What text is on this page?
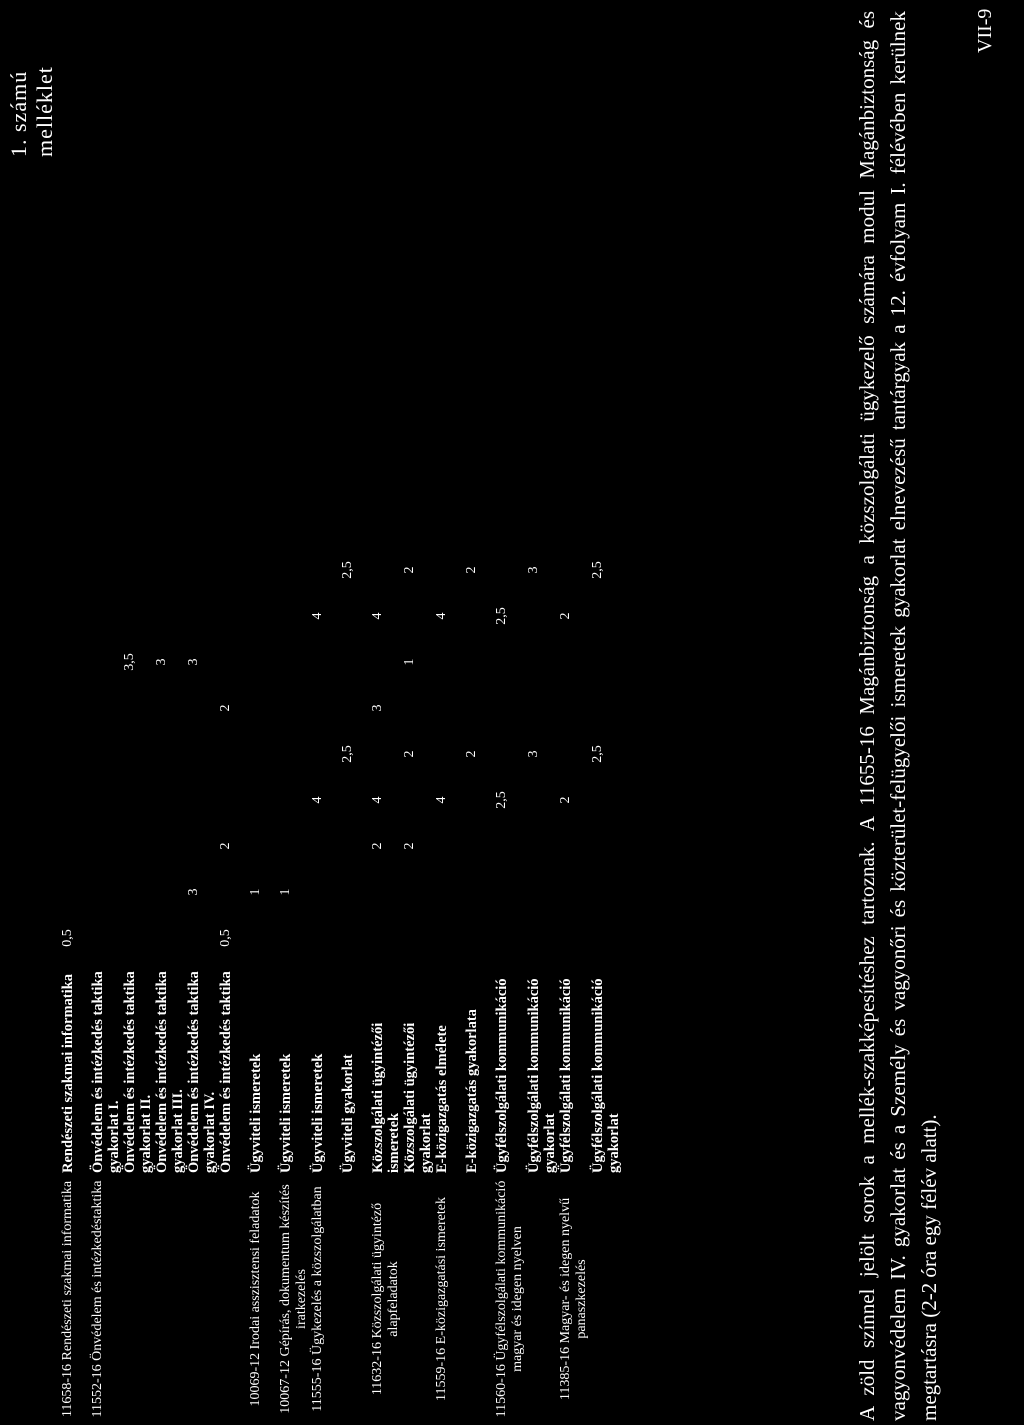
1. számú melléklet
VII-9
11658-16 Rendészeti szakmai informatika	Rendészeti szakmai informatika	0,5									
11552-16 Önvédelem és intézkedéstaktika	Önvédelem és intézkedés taktika gyakorlat I.										
	Önvédelem és intézkedés taktika gyakorlat II.							3,5			
	Önvédelem és intézkedés taktika gyakorlat III.							3			
	Önvédelem és intézkedés taktika gyakorlat IV.		3					3			
	Önvédelem és intézkedés taktika	0,5		2			2				
10069-12 Irodai asszisztensi feladatok	Ügyviteli ismeretek		1								
10067-12 Gépírás, dokumentum készítés iratkezelés	Ügyviteli ismeretek		1								
11555-16 Ügykezelés a közszolgálatban	Ügyviteli ismeretek				4				4		
	Ügyviteli gyakorlat					2,5				2,5	
11632-16 Közszolgálati ügyintéző alapfeladatok	Közszolgálati ügyintézői ismeretek			2	4		3		4		
	Közszolgálati ügyintézői gyakorlat			2		2		1		2	
11559-16 E-közigazgatási ismeretek	E-közigazgatás elmélete				4				4		
	E-közigazgatás gyakorlata					2				2	
11560-16 Ügyfélszolgálati kommunikáció magyar és idegen nyelven	Ügyfélszolgálati kommunikáció				2,5				2,5		
	Ügyfélszolgálati kommunikáció gyakorlat					3				3	
11385-16 Magyar- és idegen nyelvű panaszkezelés	Ügyfélszolgálati kommunikáció				2				2		
	Ügyfélszolgálati kommunikáció gyakorlat					2,5				2,5		A zöld színnel jelölt sorok a mellék-szakképesítéshez tartoznak. A 11655-16 Magánbiztonság a közszolgálati ügykezelő számára modul Magánbiztonság és vagyonvédelem IV. gyakorlat és a Személy és vagyonőri és közterület-felügyelői ismeretek gyakorlat elnevezésű tantárgyak a 12. évfolyam I. félévében kerülnek megtartásra (2-2 óra egy félév alatt).
